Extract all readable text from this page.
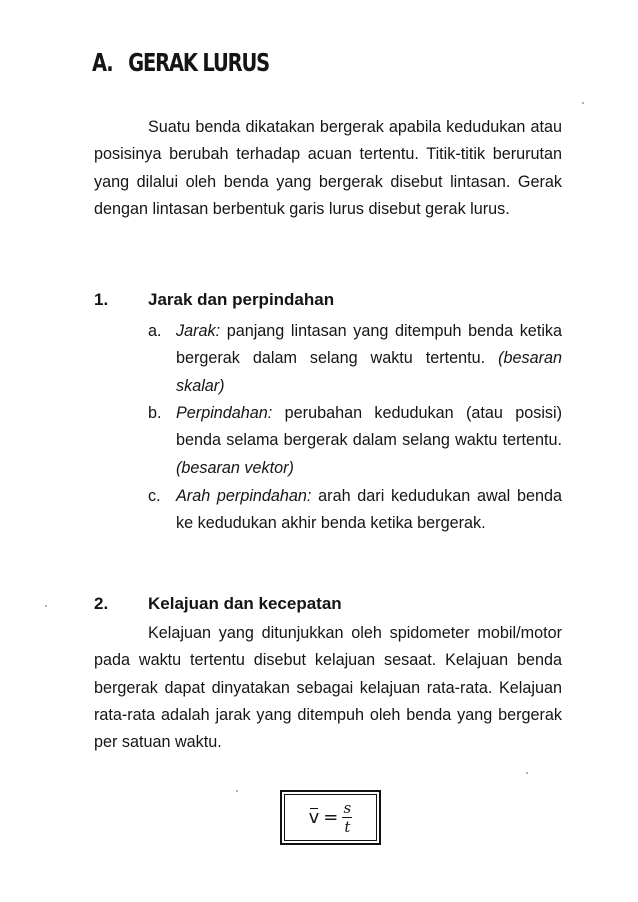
A. GERAK LURUS

Suatu benda dikatakan bergerak apabila kedudukan atau posisinya berubah terhadap acuan tertentu. Titik-titik berurutan yang dilalui oleh benda yang bergerak disebut lintasan. Gerak dengan lintasan berbentuk garis lurus disebut gerak lurus.

1. Jarak dan perpindahan
a. Jarak: panjang lintasan yang ditempuh benda ketika bergerak dalam selang waktu tertentu. (besaran skalar)
b. Perpindahan: perubahan kedudukan (atau posisi) benda selama bergerak dalam selang waktu tertentu. (besaran vektor)
c. Arah perpindahan: arah dari kedudukan awal benda ke kedudukan akhir benda ketika bergerak.
2. Kelajuan dan kecepatan

Kelajuan yang ditunjukkan oleh spidometer mobil/motor pada waktu tertentu disebut kelajuan sesaat. Kelajuan benda bergerak dapat dinyatakan sebagai kelajuan rata-rata. Kelajuan rata-rata adalah jarak yang ditempuh oleh benda yang bergerak per satuan waktu.

$v = \frac{s}{t}$
